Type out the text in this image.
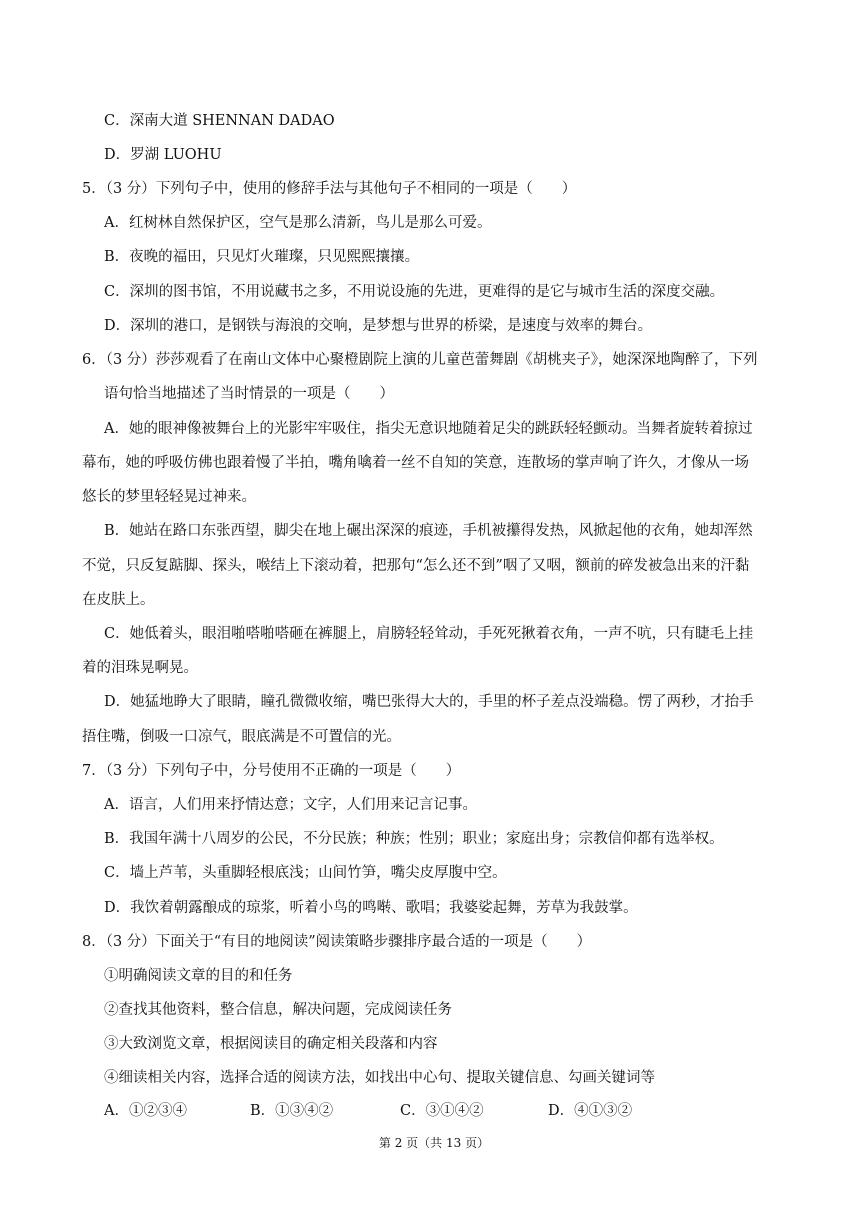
C．深南大道 SHENNAN DADAO
D．罗湖 LUOHU
5．（3 分）下列句子中，使用的修辞手法与其他句子不相同的一项是（　　）
A．红树林自然保护区，空气是那么清新，鸟儿是那么可爱。
B．夜晚的福田，只见灯火璀璨，只见熙熙攘攘。
C．深圳的图书馆，不用说藏书之多，不用说设施的先进，更难得的是它与城市生活的深度交融。
D．深圳的港口，是钢铁与海浪的交响，是梦想与世界的桥梁，是速度与效率的舞台。
6．（3 分）莎莎观看了在南山文体中心聚橙剧院上演的儿童芭蕾舞剧《胡桃夹子》，她深深地陶醉了，下列
语句恰当地描述了当时情景的一项是（　　）
A．她的眼神像被舞台上的光影牢牢吸住，指尖无意识地随着足尖的跳跃轻轻颤动。当舞者旋转着掠过
幕布，她的呼吸仿佛也跟着慢了半拍，嘴角噙着一丝不自知的笑意，连散场的掌声响了许久，才像从一场
悠长的梦里轻轻晃过神来。
B．她站在路口东张西望，脚尖在地上碾出深深的痕迹，手机被攥得发热，风掀起他的衣角，她却浑然
不觉，只反复踮脚、探头，喉结上下滚动着，把那句“怎么还不到”咽了又咽，额前的碎发被急出来的汗黏
在皮肤上。
C．她低着头，眼泪啪嗒啪嗒砸在裤腿上，肩膀轻轻耸动，手死死揪着衣角，一声不吭，只有睫毛上挂
着的泪珠晃啊晃。
D．她猛地睁大了眼睛，瞳孔微微收缩，嘴巴张得大大的，手里的杯子差点没端稳。愣了两秒，才抬手
捂住嘴，倒吸一口凉气，眼底满是不可置信的光。
7．（3 分）下列句子中，分号使用不正确的一项是（　　）
A．语言，人们用来抒情达意；文字，人们用来记言记事。
B．我国年满十八周岁的公民，不分民族；种族；性别；职业；家庭出身；宗教信仰都有选举权。
C．墙上芦苇，头重脚轻根底浅；山间竹笋，嘴尖皮厚腹中空。
D．我饮着朝露酿成的琼浆，听着小鸟的鸣啭、歌唱；我婆娑起舞，芳草为我鼓掌。
8．（3 分）下面关于“有目的地阅读”阅读策略步骤排序最合适的一项是（　　）
①明确阅读文章的目的和任务
②查找其他资料，整合信息，解决问题，完成阅读任务
③大致浏览文章，根据阅读目的确定相关段落和内容
④细读相关内容，选择合适的阅读方法，如找出中心句、提取关键信息、勾画关键词等
A．①②③④	B．①③④②	C．③①④②	D．④①③②
第 2 页（共 13 页）
